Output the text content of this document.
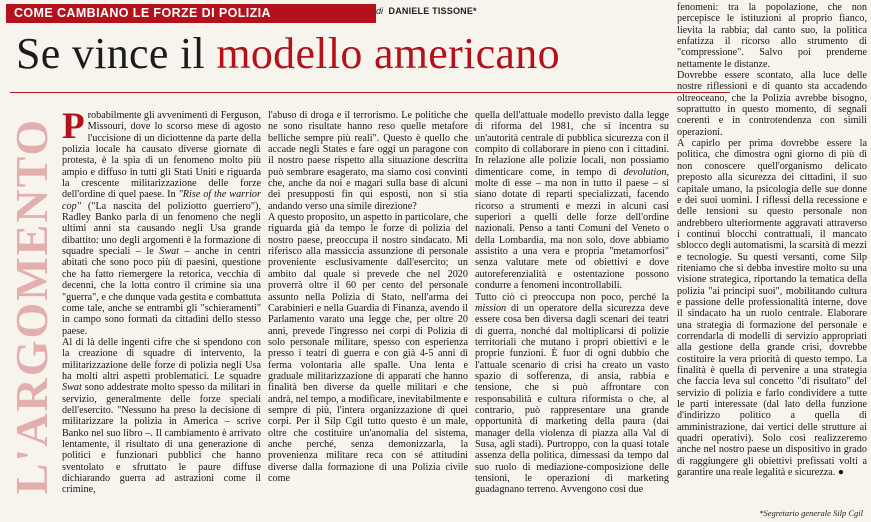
COME CAMBIANO LE FORZE DI POLIZIA	di DANIELE TISSONE*
Se vince il modello americano
L'ARGOMENTO Probabilmente gli avvenimenti di Ferguson, Missouri, dove lo scorso mese di agosto l'uccisione di un diciottenne da parte della polizia locale ha causato diverse giornate di protesta, è la spia di un fenomeno molto più ampio e diffuso in tutti gli Stati Uniti e riguarda la crescente militarizzazione delle forze dell'ordine di quel paese. In "Rise of the warrior cop" ("La nascita del poliziotto guerriero"), Radley Banko parla di un fenomeno che negli ultimi anni sta causando negli Usa grande dibattito: uno degli argomenti è la formazione di squadre speciali – le Swat – anche in centri abitati che sono poco più di paesini, questione che ha fatto riemergere la retorica, vecchia di decenni, che la lotta contro il crimine sia una "guerra", e che dunque vada gestita e combattuta come tale, anche se entrambi gli "schieramenti" in campo sono formati da cittadini dello stesso paese.

Al di là delle ingenti cifre che si spendono con la creazione di squadre di intervento, la militarizzazione delle forze di polizia negli Usa ha molti altri aspetti problematici. Le squadre Swat sono addestrate molto spesso da militari in servizio, generalmente delle forze speciali dell'esercito. "Nessuno ha preso la decisione di militarizzare la polizia in America – scrive Banko nel suo libro –. Il cambiamento è arrivato lentamente, il risultato di una generazione di politici e funzionari pubblici che hanno sventolato e sfruttato le paure diffuse dichiarando guerra ad astrazioni come il crimine,

l'abuso di droga e il terrorismo. Le politiche che ne sono risultate hanno reso quelle metafore belliche sempre più reali". Questo è quello che accade negli States e fare oggi un paragone con il nostro paese rispetto alla situazione descritta può sembrare esagerato, ma siamo così convinti che, anche da noi e magari sulla base di alcuni dei presupposti fin qui esposti, non si stia andando verso una simile direzione?

A questo proposito, un aspetto in particolare, che riguarda già da tempo le forze di polizia del nostro paese, preoccupa il nostro sindacato. Mi riferisco alla massiccia assunzione di personale proveniente esclusivamente dall'esercito; un ambito dal quale si prevede che nel 2020 proverrà oltre il 60 per cento del personale assunto nella Polizia di Stato, nell'arma dei Carabinieri e nella Guardia di Finanza, avendo il Parlamento varato una legge che, per oltre 20 anni, prevede l'ingresso nei corpi di Polizia di solo personale militare, spesso con esperienza presso i teatri di guerra e con già 4-5 anni di ferma volontaria alle spalle. Una lenta e graduale militarizzazione di apparati che hanno finalità ben diverse da quelle militari e che andrà, nel tempo, a modificare, inevitabilmente e sempre di più, l'intera organizzazione di quei corpi. Per il Silp Cgil tutto questo è un male, oltre che costituire un'anomalia del sistema, anche perché, senza demonizzarla, la provenienza militare reca con sé attitudini diverse dalla formazione di una Polizia civile come

quella dell'attuale modello previsto dalla legge di riforma del 1981, che si incentra su un'autorità centrale di pubblica sicurezza con il compito di collaborare in pieno con i cittadini. In relazione alle polizie locali, non possiamo dimenticare come, in tempo di devolution, molte di esse – ma non in tutto il paese – si siano dotate di reparti specializzati, facendo ricorso a strumenti e mezzi in alcuni casi superiori a quelli delle forze dell'ordine nazionali. Penso a tanti Comuni del Veneto o della Lombardia, ma non solo, dove abbiamo assistito a una vera e propria "metamorfosi" senza valutare mete od obiettivi e dove autoreferenzialità e ostentazione possono condurre a fenomeni incontrollabili.

Tutto ciò ci preoccupa non poco, perché la mission di un operatore della sicurezza deve essere cosa ben diversa dagli scenari dei teatri di guerra, nonché dal moltiplicarsi di polizie territoriali che mutano i propri obiettivi e le proprie funzioni. È fuor di ogni dubbio che l'attuale scenario di crisi ha creato un vasto spazio di sofferenza, di ansia, rabbia e tensione, che si può affrontare con responsabilità e cultura riformista o che, al contrario, può rappresentare una grande opportunità di marketing della paura (dai manager della violenza di piazza alla Val di Susa, agli stadi). Purtroppo, con la quasi totale assenza della politica, dimessasi da tempo dal suo ruolo di mediazione-composizione delle tensioni, le operazioni di marketing guadagnano terreno. Avvengono così due

fenomeni: tra la popolazione, che non percepisce le istituzioni al proprio fianco, lievita la rabbia; dal canto suo, la politica enfatizza il ricorso allo strumento di "compressione". Salvo poi prenderne nettamente le distanze.

Dovrebbe essere scontato, alla luce delle nostre riflessioni e di quanto sta accadendo oltreoceano, che la Polizia avrebbe bisogno, soprattutto in questo momento, di segnali coerenti e in controtendenza con simili operazioni.

A capirlo per prima dovrebbe essere la politica, che dimostra ogni giorno di più di non conoscere quell'organismo delicato preposto alla sicurezza dei cittadini, il suo capitale umano, la psicologia delle sue donne e dei suoi uomini. I riflessi della recessione e delle tensioni su questo personale non andrebbero ulteriormente aggravati attraverso i continui blocchi contrattuali, il mancato sblocco degli automatismi, la scarsità di mezzi e tecnologie. Su questi versanti, come Silp riteniamo che si debba investire molto su una visione strategica, riportando la tematica della polizia "ai principi suoi", mobilitando cultura e passione delle professionalità interne, dove il sindacato ha un ruolo centrale. Elaborare una strategia di formazione del personale e correndarla di modelli di servizio appropriati alla gestione della grande crisi, dovrebbe costituire la vera priorità di questo tempo. La finalità è quella di pervenire a una strategia che faccia leva sul concetto "di risultato" del servizio di polizia e farlo condividere a tutte le parti interessate (dal lato della funzione d'indirizzo politico a quella di amministrazione, dai vertici delle strutture ai quadri operativi). Solo così realizzeremo anche nel nostro paese un dispositivo in grado di raggiungere gli obiettivi prefissati volti a garantire una reale legalità e sicurezza. ●

*Segretario generale Silp Cgil
